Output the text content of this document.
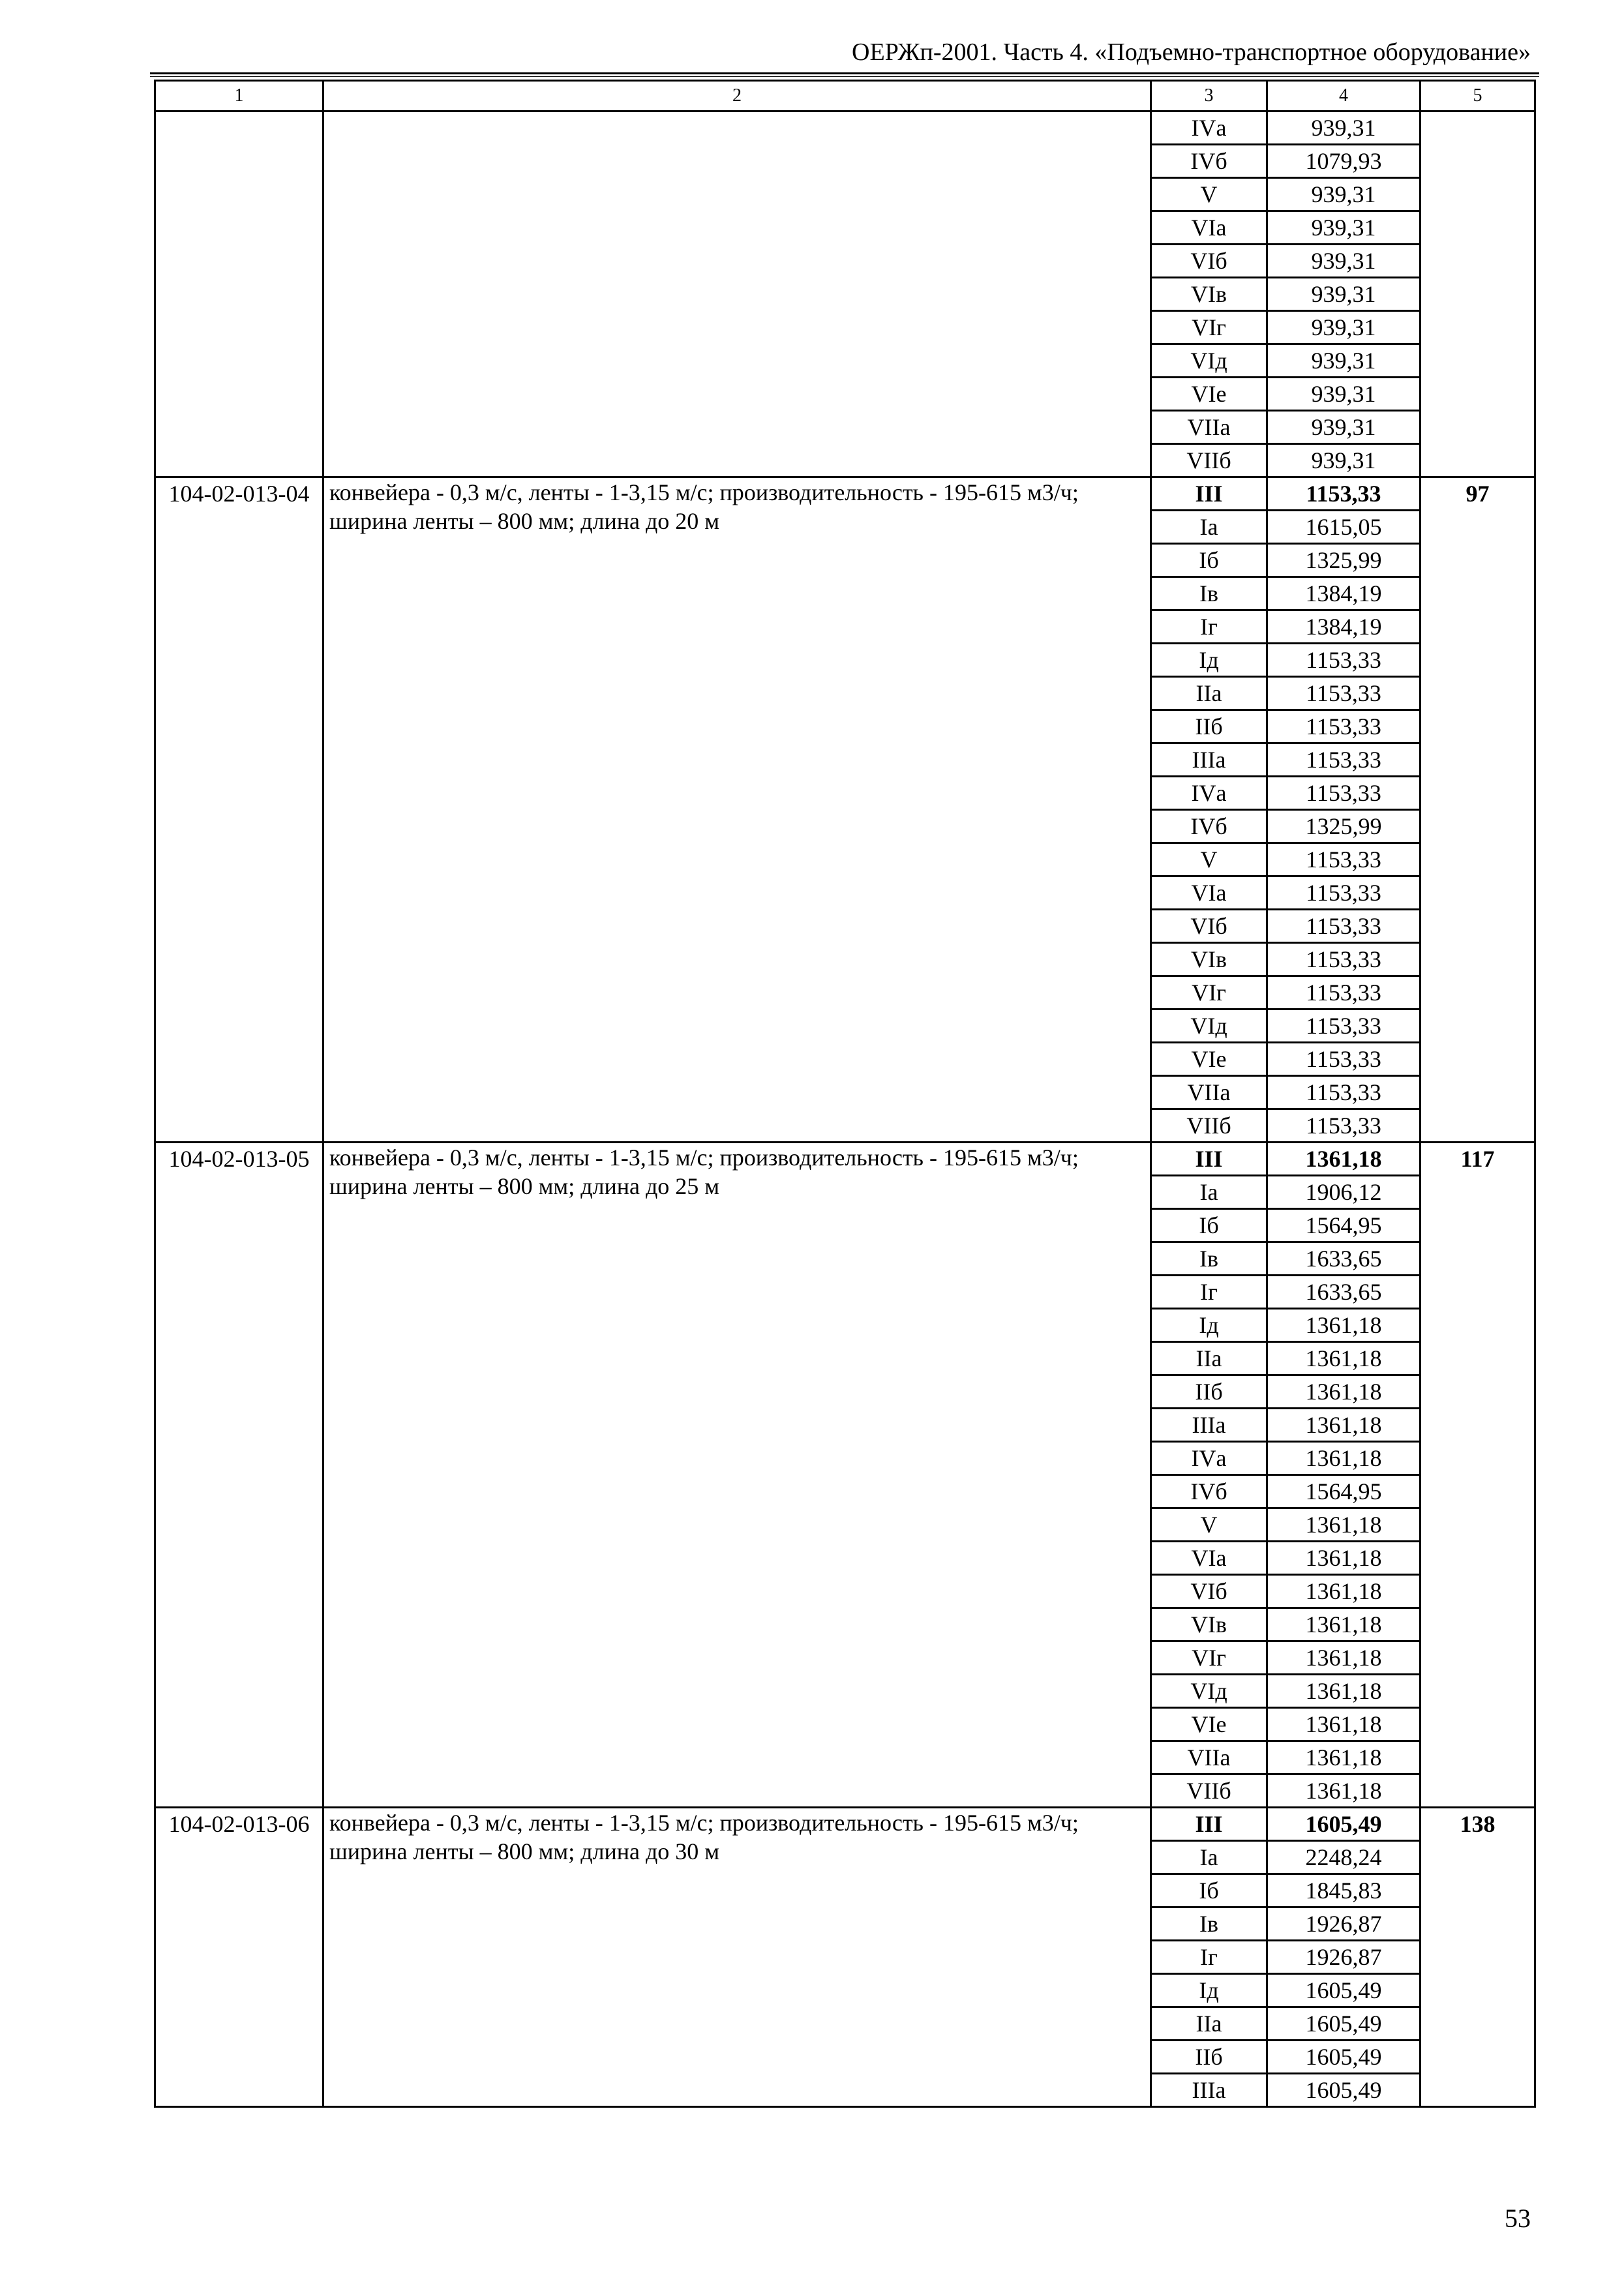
ОЕРЖп-2001. Часть 4. «Подъемно-транспортное оборудование»
1	2	3	4	5
		IVа	939,31	
		IVб	1079,93	
		V	939,31	
		VIа	939,31	
		VIб	939,31	
		VIв	939,31	
		VIг	939,31	
		VIд	939,31	
		VIе	939,31	
		VIIа	939,31	
		VIIб	939,31	
104-02-013-04	конвейера - 0,3 м/с, ленты - 1-3,15 м/с; производительность - 195-615 м3/ч; ширина ленты – 800 мм; длина до 20 м	III	1153,33	97
		Iа	1615,05	
		Iб	1325,99	
		Iв	1384,19	
		Iг	1384,19	
		Iд	1153,33	
		IIа	1153,33	
		IIб	1153,33	
		IIIа	1153,33	
		IVа	1153,33	
		IVб	1325,99	
		V	1153,33	
		VIа	1153,33	
		VIб	1153,33	
		VIв	1153,33	
		VIг	1153,33	
		VIд	1153,33	
		VIе	1153,33	
		VIIа	1153,33	
		VIIб	1153,33	
104-02-013-05	конвейера - 0,3 м/с, ленты - 1-3,15 м/с; производительность - 195-615 м3/ч; ширина ленты – 800 мм; длина до 25 м	III	1361,18	117
		Iа	1906,12	
		Iб	1564,95	
		Iв	1633,65	
		Iг	1633,65	
		Iд	1361,18	
		IIа	1361,18	
		IIб	1361,18	
		IIIа	1361,18	
		IVа	1361,18	
		IVб	1564,95	
		V	1361,18	
		VIа	1361,18	
		VIб	1361,18	
		VIв	1361,18	
		VIг	1361,18	
		VIд	1361,18	
		VIе	1361,18	
		VIIа	1361,18	
		VIIб	1361,18	
104-02-013-06	конвейера - 0,3 м/с, ленты - 1-3,15 м/с; производительность - 195-615 м3/ч; ширина ленты – 800 мм; длина до 30 м	III	1605,49	138
		Iа	2248,24	
		Iб	1845,83	
		Iв	1926,87	
		Iг	1926,87	
		Iд	1605,49	
		IIа	1605,49	
		IIб	1605,49	
		IIIа	1605,49	
53
